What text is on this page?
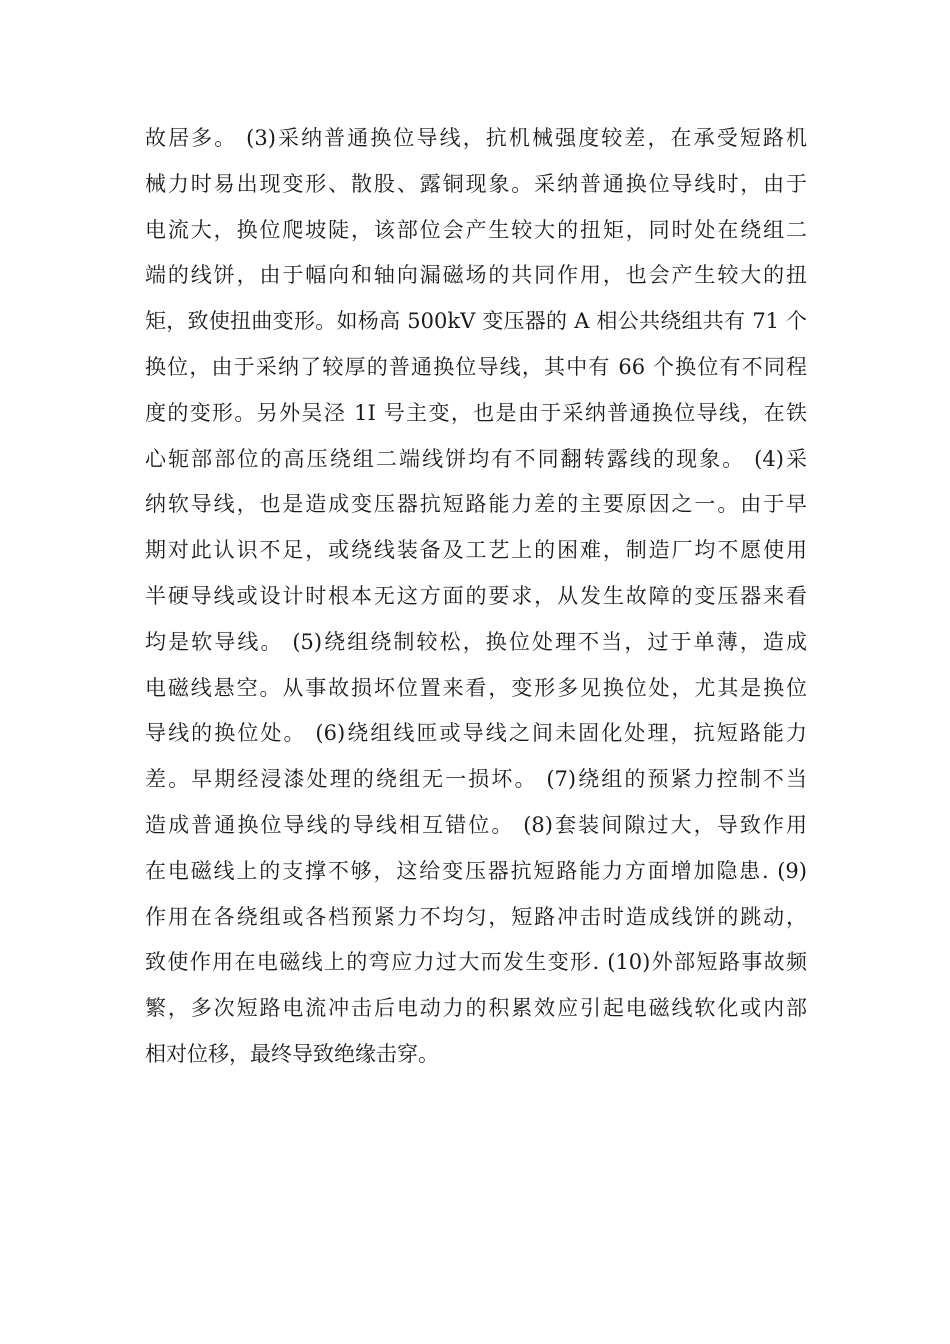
故居多。 (3)采纳普通换位导线，抗机械强度较差，在承受短路机
械力时易出现变形、散股、露铜现象。采纳普通换位导线时，由于
电流大，换位爬坡陡，该部位会产生较大的扭矩，同时处在绕组二
端的线饼，由于幅向和轴向漏磁场的共同作用，也会产生较大的扭
矩，致使扭曲变形。如杨高 500kV 变压器的 A 相公共绕组共有 71 个
换位，由于采纳了较厚的普通换位导线，其中有 66 个换位有不同程
度的变形。另外吴泾 1I 号主变，也是由于采纳普通换位导线，在铁
心轭部部位的高压绕组二端线饼均有不同翻转露线的现象。 (4)采
纳软导线，也是造成变压器抗短路能力差的主要原因之一。由于早
期对此认识不足，或绕线装备及工艺上的困难，制造厂均不愿使用
半硬导线或设计时根本无这方面的要求，从发生故障的变压器来看
均是软导线。 (5)绕组绕制较松，换位处理不当，过于单薄，造成
电磁线悬空。从事故损坏位置来看，变形多见换位处，尤其是换位
导线的换位处。 (6)绕组线匝或导线之间未固化处理，抗短路能力
差。早期经浸漆处理的绕组无一损坏。 (7)绕组的预紧力控制不当
造成普通换位导线的导线相互错位。 (8)套装间隙过大，导致作用
在电磁线上的支撑不够，这给变压器抗短路能力方面增加隐患. (9)
作用在各绕组或各档预紧力不均匀，短路冲击时造成线饼的跳动，
致使作用在电磁线上的弯应力过大而发生变形. (10)外部短路事故频
繁，多次短路电流冲击后电动力的积累效应引起电磁线软化或内部
相对位移，最终导致绝缘击穿。
